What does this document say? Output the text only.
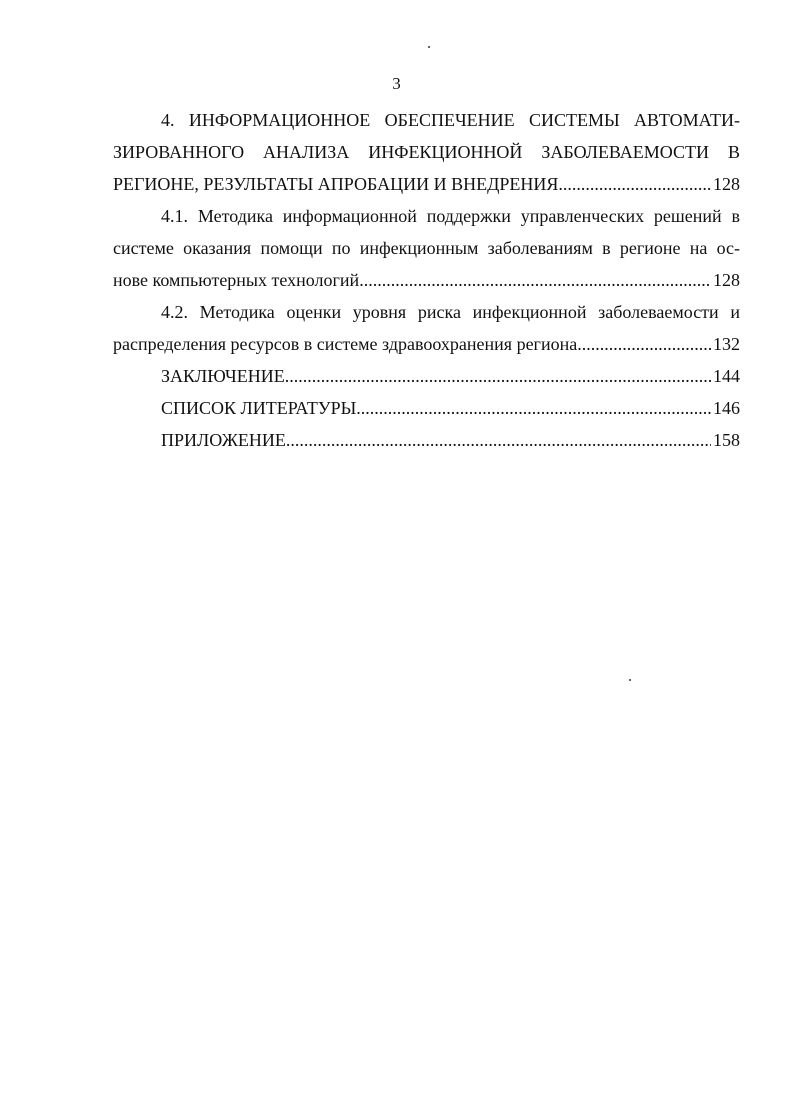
3
4. ИНФОРМАЦИОННОЕ ОБЕСПЕЧЕНИЕ СИСТЕМЫ АВТОМАТИ-
ЗИРОВАННОГО АНАЛИЗА ИНФЕКЦИОННОЙ ЗАБОЛЕВАЕМОСТИ В
РЕГИОНЕ, РЕЗУЛЬТАТЫ АПРОБАЦИИ И ВНЕДРЕНИЯ .....	128
4.1. Методика информационной поддержки управленческих решений в
системе оказания помощи по инфекционным заболеваниям в регионе на ос-
нове компьютерных технологий .....	128
4.2. Методика оценки уровня риска инфекционной заболеваемости и
распределения ресурсов в системе здравоохранения региона .....	132
ЗАКЛЮЧЕНИЕ .....	144
СПИСОК ЛИТЕРАТУРЫ .....	146
ПРИЛОЖЕНИЕ .....	158
